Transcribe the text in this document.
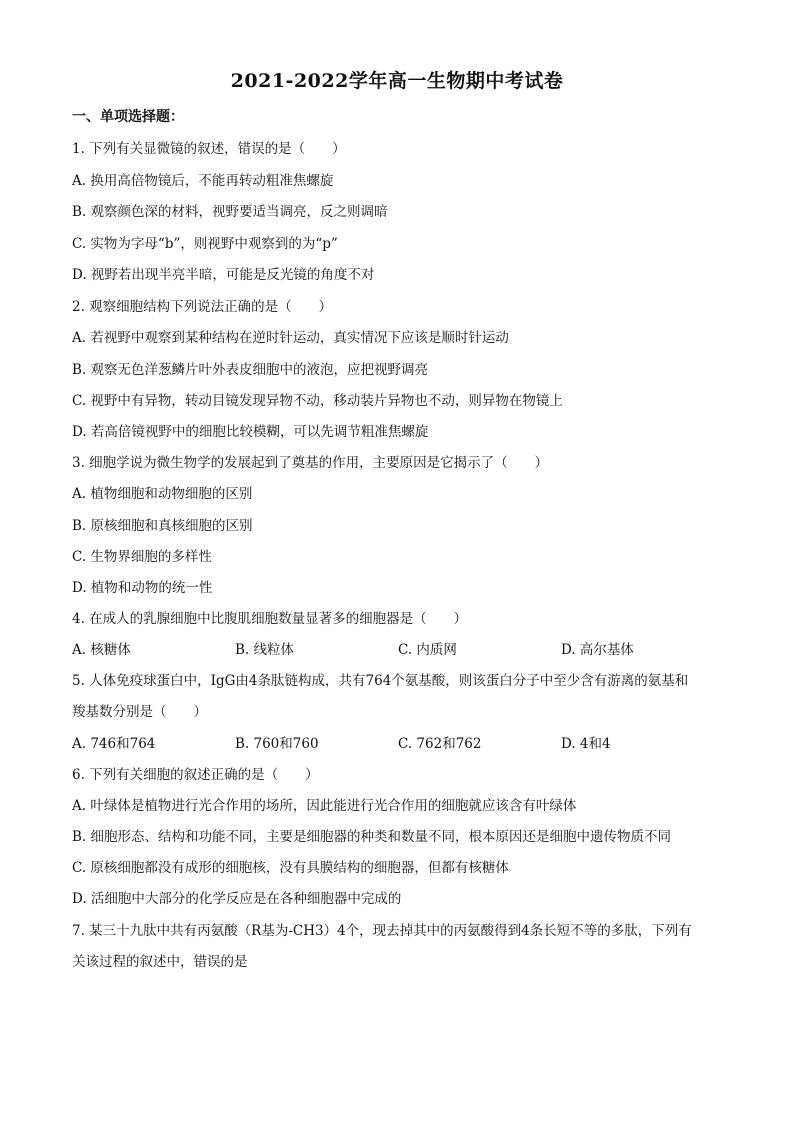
2021-2022学年高一生物期中考试卷
一、单项选择题：
1. 下列有关显微镜的叙述，错误的是（　　）
A. 换用高倍物镜后，不能再转动粗准焦螺旋
B. 观察颜色深的材料，视野要适当调亮，反之则调暗
C. 实物为字母“b”，则视野中观察到的为“p”
D. 视野若出现半亮半暗，可能是反光镜的角度不对
2. 观察细胞结构下列说法正确的是（　　）
A. 若视野中观察到某种结构在逆时针运动，真实情况下应该是顺时针运动
B. 观察无色洋葱鳞片叶外表皮细胞中的液泡，应把视野调亮
C. 视野中有异物，转动目镜发现异物不动，移动装片异物也不动，则异物在物镜上
D. 若高倍镜视野中的细胞比较模糊，可以先调节粗准焦螺旋
3. 细胞学说为微生物学的发展起到了奠基的作用，主要原因是它揭示了（　　）
A. 植物细胞和动物细胞的区别
B. 原核细胞和真核细胞的区别
C. 生物界细胞的多样性
D. 植物和动物的统一性
4. 在成人的乳腺细胞中比腹肌细胞数量显著多的细胞器是（　　）
A. 核糖体	B. 线粒体	C. 内质网	D. 高尔基体
5. 人体免疫球蛋白中，IgG由4条肽链构成，共有764个氨基酸，则该蛋白分子中至少含有游离的氨基和
羧基数分别是（　　）
A. 746和764	B. 760和760	C. 762和762	D. 4和4
6. 下列有关细胞的叙述正确的是（　　）
A. 叶绿体是植物进行光合作用的场所，因此能进行光合作用的细胞就应该含有叶绿体
B. 细胞形态、结构和功能不同，主要是细胞器的种类和数量不同，根本原因还是细胞中遗传物质不同
C. 原核细胞都没有成形的细胞核，没有具膜结构的细胞器，但都有核糖体
D. 活细胞中大部分的化学反应是在各种细胞器中完成的
7. 某三十九肽中共有丙氨酸（R基为-CH3）4个，现去掉其中的丙氨酸得到4条长短不等的多肽，下列有
关该过程的叙述中，错误的是
